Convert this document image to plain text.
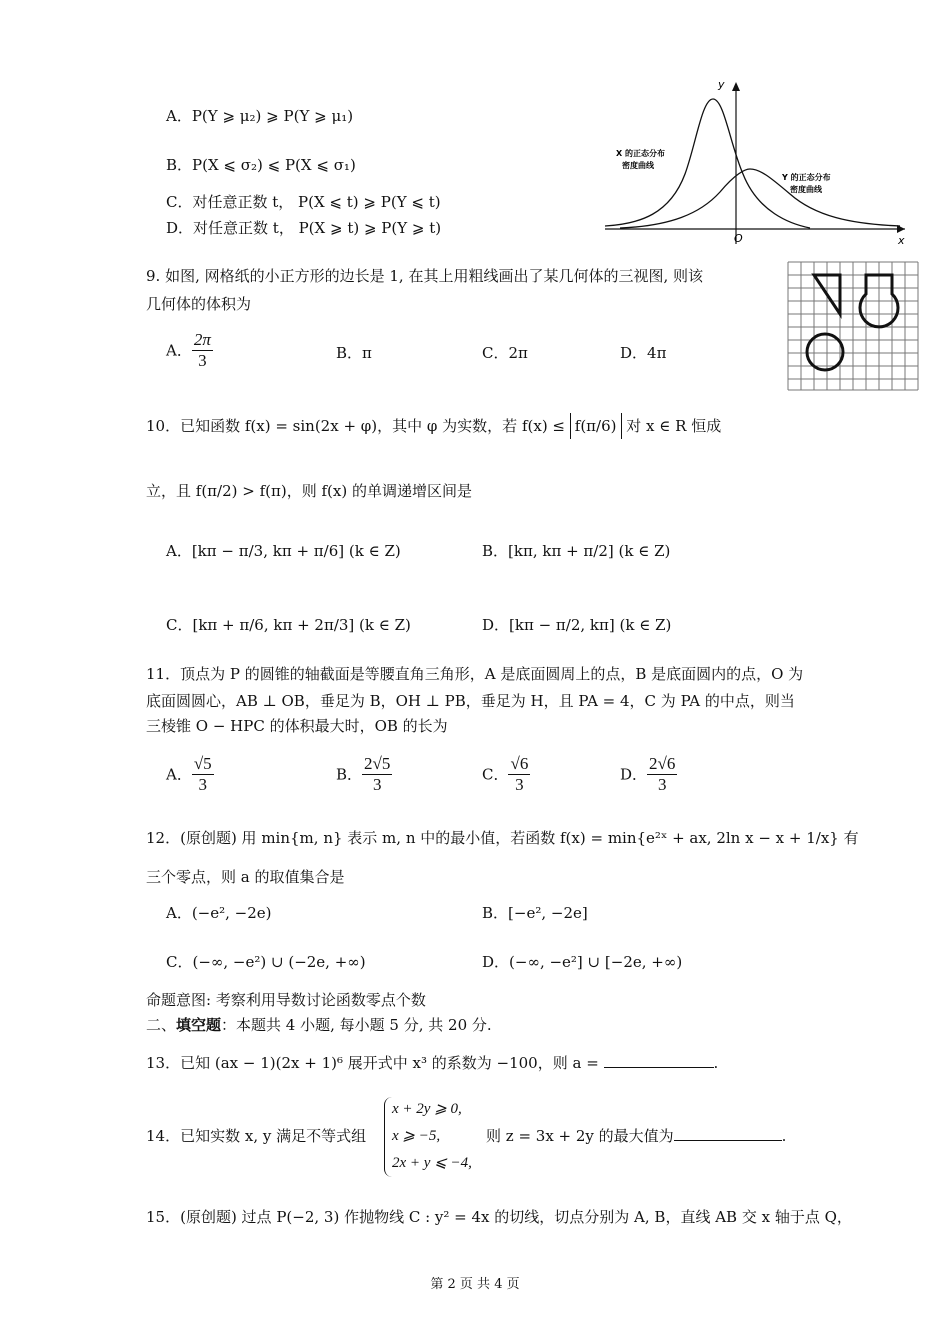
A．P(Y ⩾ μ₂) ⩾ P(Y ⩾ μ₁)
B．P(X ⩽ σ₂) ⩽ P(X ⩽ σ₁)
C．对任意正数 t， P(X ⩽ t) ⩾ P(Y ⩽ t)
D．对任意正数 t， P(X ⩾ t) ⩾ P(Y ⩾ t)
y
x
O
X 的正态分布
密度曲线
Y 的正态分布
密度曲线
9. 如图, 网格纸的小正方形的边长是 1, 在其上用粗线画出了某几何体的三视图, 则该
几何体的体积为
A． $\frac{2\pi}{3}$	B．π	C．2π	D．4π
10．已知函数 f(x) = sin(2x + φ)，其中 φ 为实数，若 f(x) ≤ f(π/6) 对 x ∈ R 恒成
立，且 f(π/2) > f(π)，则 f(x) 的单调递增区间是
A．[kπ − π/3, kπ + π/6] (k ∈ Z)	B．[kπ, kπ + π/2] (k ∈ Z)
C．[kπ + π/6, kπ + 2π/3] (k ∈ Z)	D．[kπ − π/2, kπ] (k ∈ Z)
11．顶点为 P 的圆锥的轴截面是等腰直角三角形，A 是底面圆周上的点，B 是底面圆内的点，O 为
底面圆圆心，AB ⊥ OB，垂足为 B，OH ⊥ PB，垂足为 H，且 PA = 4，C 为 PA 的中点，则当
三棱锥 O − HPC 的体积最大时，OB 的长为
A． $\frac{√5}{3}$	B． $\frac{2√5}{3}$	C． $\frac{√6}{3}$	D． $\frac{2√6}{3}$
12．(原创题) 用 min{m, n} 表示 m, n 中的最小值，若函数 f(x) = min{e²ˣ + ax, 2ln x − x + 1/x} 有
三个零点，则 a 的取值集合是
A．(−e², −2e)	B．[−e², −2e]
C．(−∞, −e²) ∪ (−2e, +∞)	D．(−∞, −e²] ∪ [−2e, +∞)
命题意图: 考察利用导数讨论函数零点个数
二、填空题：本题共 4 小题, 每小题 5 分, 共 20 分.
13．已知 (ax − 1)(2x + 1)⁶ 展开式中 x³ 的系数为 −100，则 a =	.
14．已知实数 x, y 满足不等式组
x + 2y ⩾ 0,
x ⩾ −5,
2x + y ⩽ −4,
则 z = 3x + 2y 的最大值为	.
15．(原创题) 过点 P(−2, 3) 作抛物线 C : y² = 4x 的切线，切点分别为 A, B，直线 AB 交 x 轴于点 Q，
第 2 页 共 4 页
